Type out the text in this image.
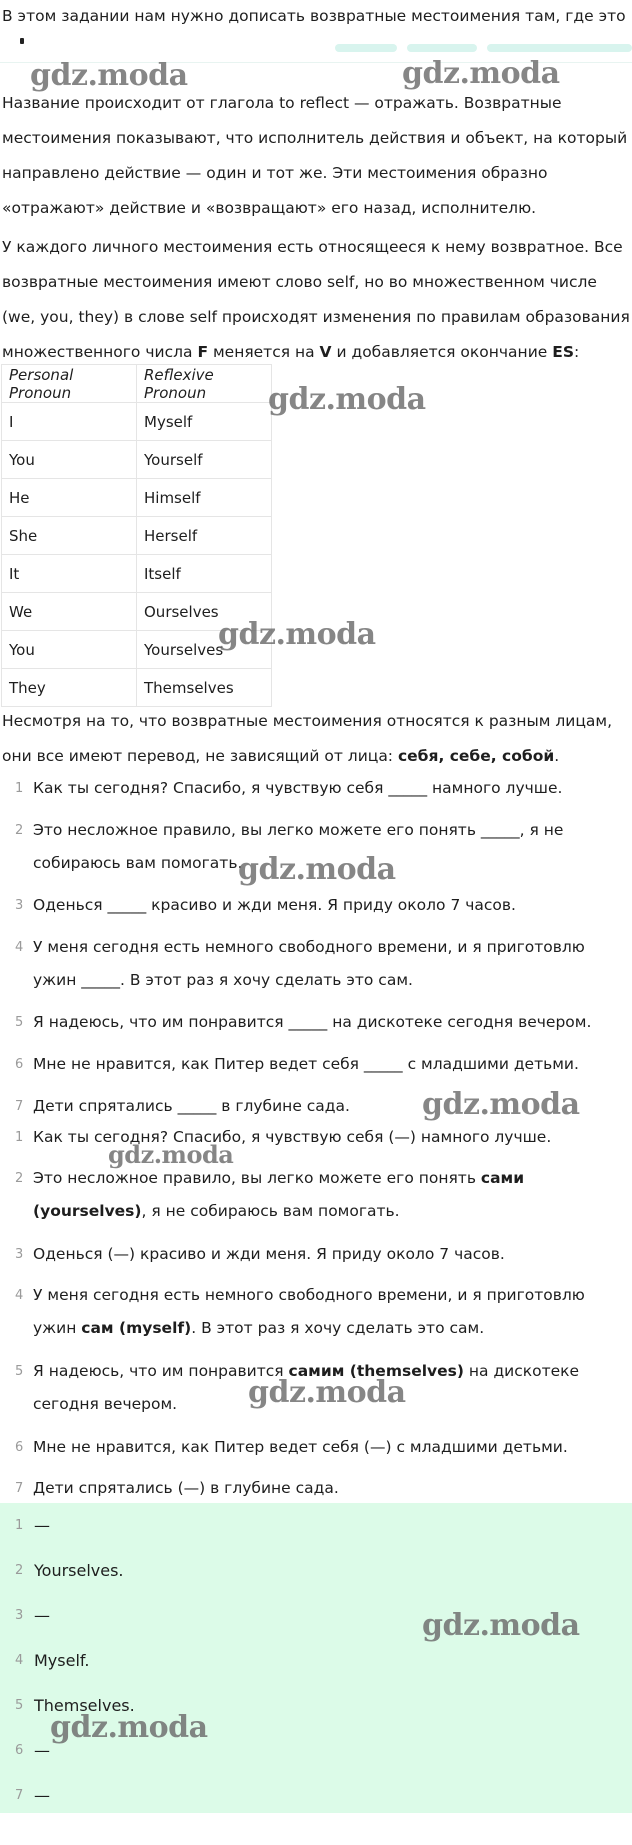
В этом задании нам нужно дописать возвратные местоимения там, где это

Название происходит от глагола to reflect — отражать. Возвратные местоимения показывают, что исполнитель действия и объект, на который направлено действие — один и тот же. Эти местоимения образно «отражают» действие и «возвращают» его назад, исполнителю.

У каждого личного местоимения есть относящееся к нему возвратное. Все возвратные местоимения имеют слово self, но во множественном числе (we, you, they) в слове self происходят изменения по правилам образования множественного числа F меняется на V и добавляется окончание ES:

Personal Pronoun	Reflexive Pronoun
I	Myself
You	Yourself
He	Himself
She	Herself
It	Itself
We	Ourselves
You	Yourselves
They	Themselves

Несмотря на то, что возвратные местоимения относятся к разным лицам, они все имеют перевод, не зависящий от лица: себя, себе, собой.

1 Как ты сегодня? Спасибо, я чувствую себя _____ намного лучше.
2 Это несложное правило, вы легко можете его понять _____, я не собираюсь вам помогать.
3 Оденься _____ красиво и жди меня. Я приду около 7 часов.
4 У меня сегодня есть немного свободного времени, и я приготовлю ужин _____. В этот раз я хочу сделать это сам.
5 Я надеюсь, что им понравится _____ на дискотеке сегодня вечером.
6 Мне не нравится, как Питер ведет себя _____ с младшими детьми.
7 Дети спрятались _____ в глубине сада.
1 Как ты сегодня? Спасибо, я чувствую себя (—) намного лучше.
2 Это несложное правило, вы легко можете его понять сами (yourselves), я не собираюсь вам помогать.
3 Оденься (—) красиво и жди меня. Я приду около 7 часов.
4 У меня сегодня есть немного свободного времени, и я приготовлю ужин сам (myself). В этот раз я хочу сделать это сам.
5 Я надеюсь, что им понравится самим (themselves) на дискотеке сегодня вечером.
6 Мне не нравится, как Питер ведет себя (—) с младшими детьми.
7 Дети спрятались (—) в глубине сада.
1 —
2 Yourselves.
3 —
4 Myself.
5 Themselves.
6 —
7 —
gdz.moda	gdz.moda
gdz.moda
gdz.moda
gdz.moda
gdz.moda
gdz.moda
gdz.moda
gdz.moda
gdz.moda
